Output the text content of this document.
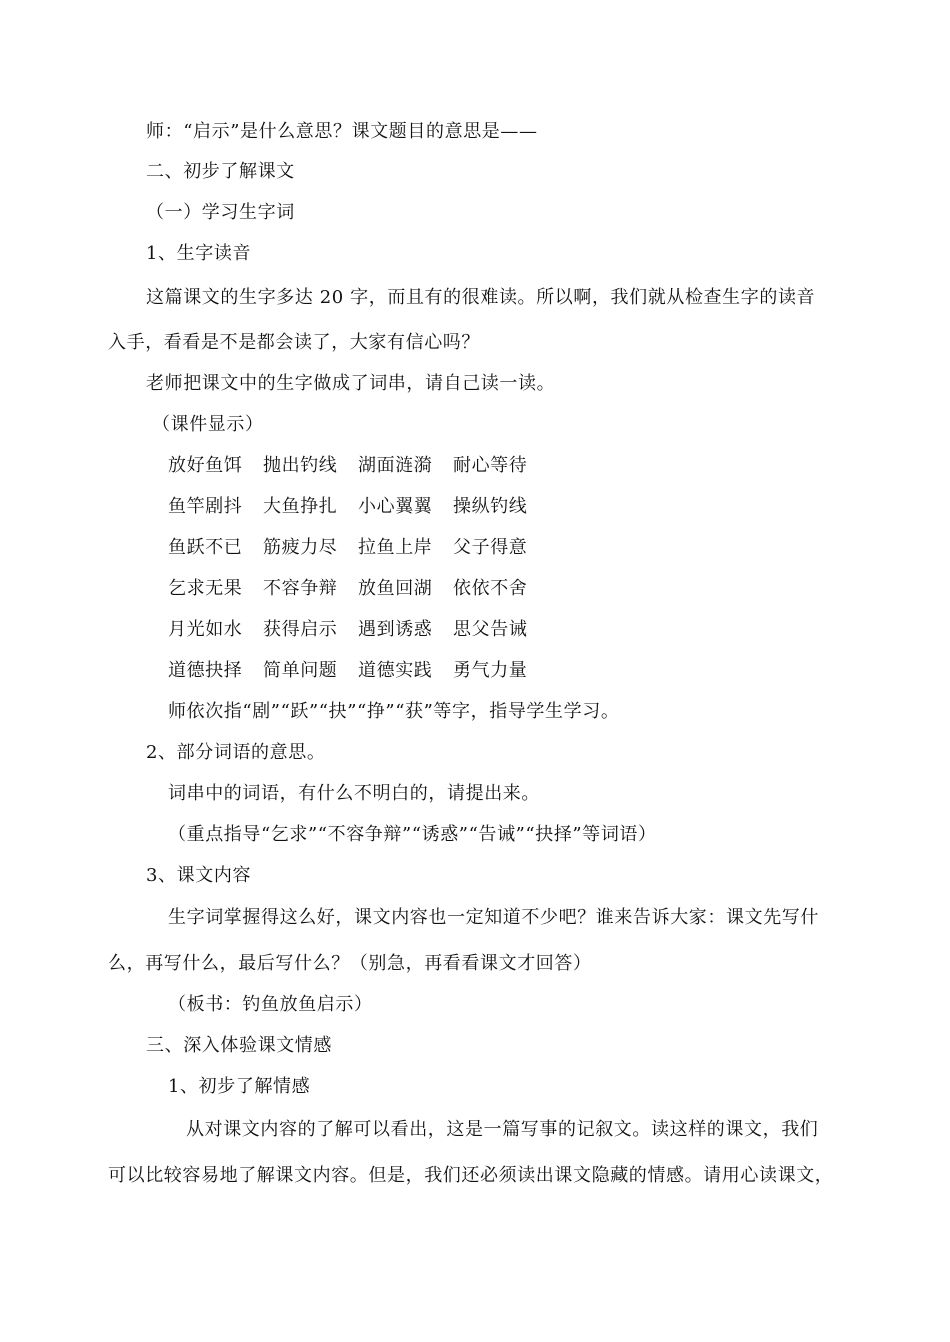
师：“启示”是什么意思？课文题目的意思是——
二、初步了解课文
（一）学习生字词
1、生字读音
这篇课文的生字多达 20 字，而且有的很难读。所以啊，我们就从检查生字的读音
入手，看看是不是都会读了，大家有信心吗？
老师把课文中的生字做成了词串，请自己读一读。
（课件显示）
放好鱼饵 抛出钓线 湖面涟漪 耐心等待
鱼竿剧抖 大鱼挣扎 小心翼翼 操纵钓线
鱼跃不已 筋疲力尽 拉鱼上岸 父子得意
乞求无果 不容争辩 放鱼回湖 依依不舍
月光如水 获得启示 遇到诱惑 思父告诫
道德抉择 简单问题 道德实践 勇气力量
师依次指“剧”“跃”“抉”“挣”“获”等字，指导学生学习。
2、部分词语的意思。
词串中的词语，有什么不明白的，请提出来。
（重点指导“乞求”“不容争辩”“诱惑”“告诫”“抉择”等词语）
3、课文内容
生字词掌握得这么好，课文内容也一定知道不少吧？谁来告诉大家：课文先写什
么，再写什么，最后写什么？（别急，再看看课文才回答）
（板书：钓鱼放鱼启示）
三、深入体验课文情感
1、初步了解情感
从对课文内容的了解可以看出，这是一篇写事的记叙文。读这样的课文，我们
可以比较容易地了解课文内容。但是，我们还必须读出课文隐藏的情感。请用心读课文，
